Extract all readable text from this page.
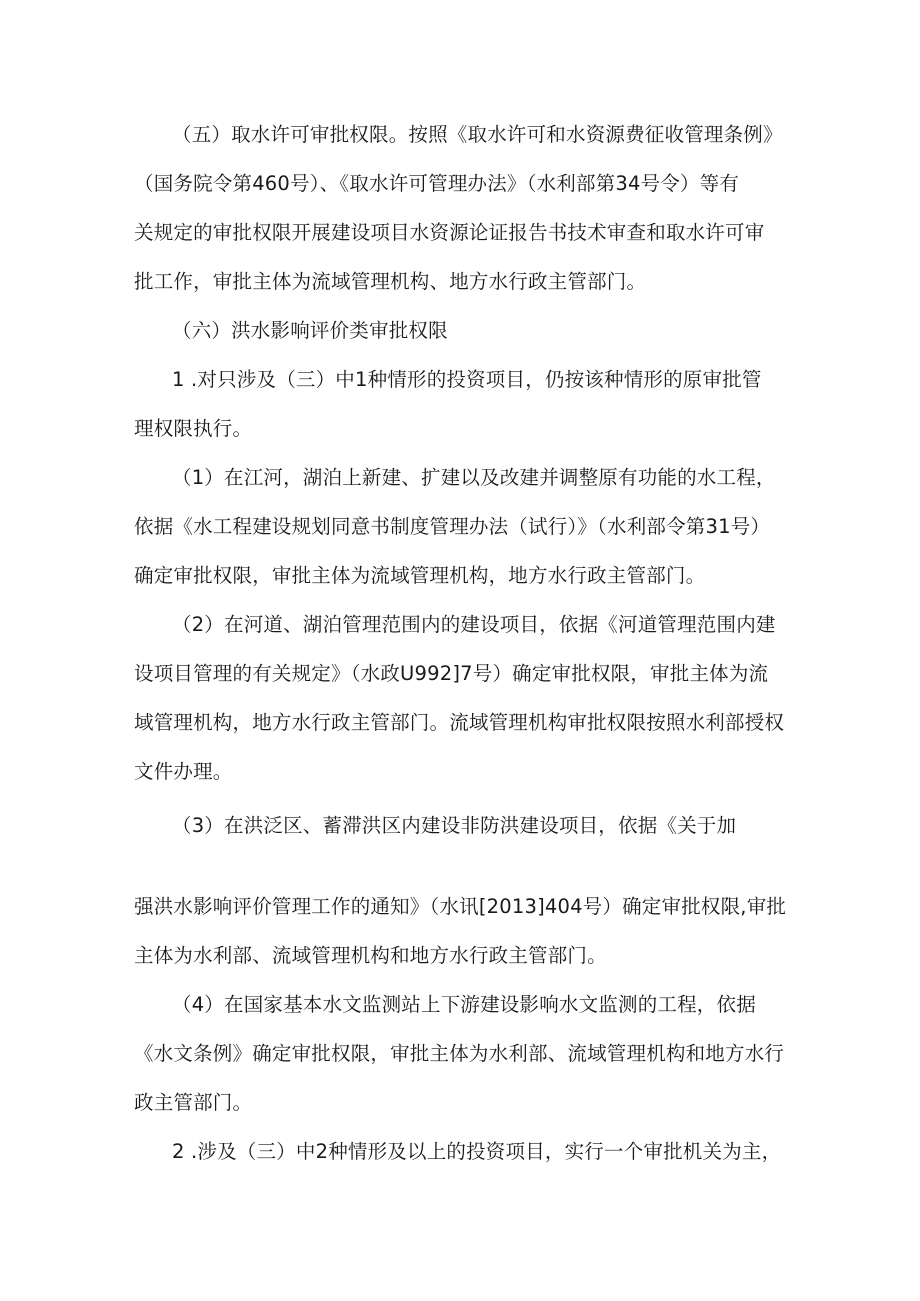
（五）取水许可审批权限。按照《取水许可和水资源费征收管理条例》
（国务院令第460号）、《取水许可管理办法》（水利部第34号令）等有
关规定的审批权限开展建设项目水资源论证报告书技术审查和取水许可审
批工作，审批主体为流域管理机构、地方水行政主管部门。
（六）洪水影响评价类审批权限
1 .对只涉及（三）中1种情形的投资项目，仍按该种情形的原审批管
理权限执行。
（1）在江河，湖泊上新建、扩建以及改建并调整原有功能的水工程，
依据《水工程建设规划同意书制度管理办法（试行）》（水利部令第31号）
确定审批权限，审批主体为流域管理机构，地方水行政主管部门。
（2）在河道、湖泊管理范围内的建设项目，依据《河道管理范围内建
设项目管理的有关规定》（水政U992]7号）确定审批权限，审批主体为流
域管理机构，地方水行政主管部门。流域管理机构审批权限按照水利部授权
文件办理。
（3）在洪泛区、蓄滞洪区内建设非防洪建设项目，依据《关于加
强洪水影响评价管理工作的通知》（水讯[2013]404号）确定审批权限,审批
主体为水利部、流域管理机构和地方水行政主管部门。
（4）在国家基本水文监测站上下游建设影响水文监测的工程，依据
《水文条例》确定审批权限，审批主体为水利部、流域管理机构和地方水行
政主管部门。
2 .涉及（三）中2种情形及以上的投资项目，实行一个审批机关为主，
